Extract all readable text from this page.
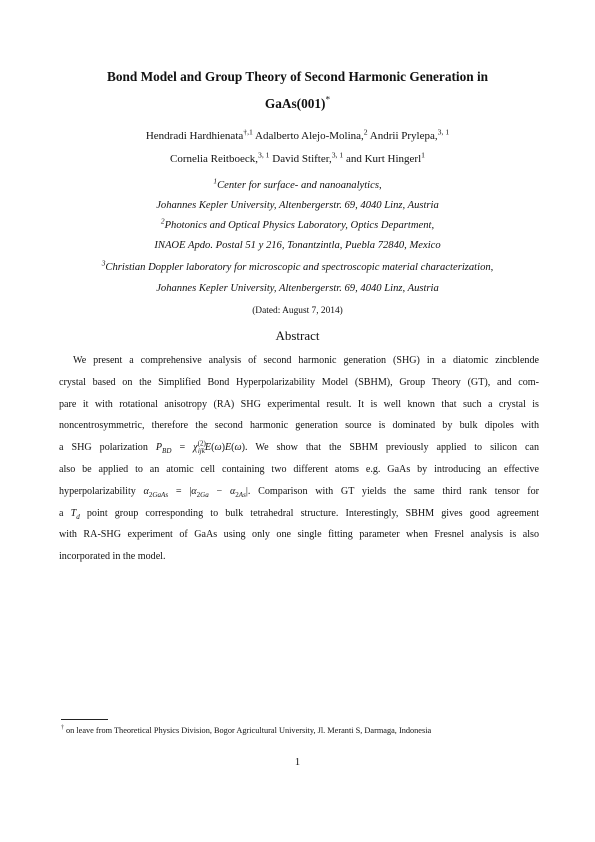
Bond Model and Group Theory of Second Harmonic Generation in
GaAs(001)*
Hendradi Hardhienata$^{\dagger,1}$ Adalberto Alejo-Molina,$^2$ Andrii Prylepa,$^{3, 1}$
Cornelia Reitboeck,$^{3, 1}$ David Stifter,$^{3, 1}$ and Kurt Hingerl$^1$
$^1$Center for surface- and nanoanalytics,
Johannes Kepler University, Altenbergerstr. 69, 4040 Linz, Austria
$^2$Photonics and Optical Physics Laboratory, Optics Department,
INAOE Apdo. Postal 51 y 216, Tonantzintla, Puebla 72840, Mexico
$^3$Christian Doppler laboratory for microscopic and spectroscopic material characterization,
Johannes Kepler University, Altenbergerstr. 69, 4040 Linz, Austria
(Dated: August 7, 2014)
Abstract
We present a comprehensive analysis of second harmonic generation (SHG) in a diatomic zincblende
crystal based on the Simplified Bond Hyperpolarizability Model (SBHM), Group Theory (GT), and com-
pare it with rotational anisotropy (RA) SHG experimental result. It is well known that such a crystal is
noncentrosymmetric, therefore the second harmonic generation source is dominated by bulk dipoles with
a SHG polarization $P_{BD} = \chi^{(2)}_{ijk}E(\omega)E(\omega)$. We show that the SBHM previously applied to silicon can
also be applied to an atomic cell containing two different atoms e.g. GaAs by introducing an effective
hyperpolarizability $\alpha_{2GaAs} = |\alpha_{2Ga} - \alpha_{2As}|$. Comparison with GT yields the same third rank tensor for
a $T_d$ point group corresponding to bulk tetrahedral structure. Interestingly, SBHM gives good agreement
with RA-SHG experiment of GaAs using only one single fitting parameter when Fresnel analysis is also
incorporated in the model.
† on leave from Theoretical Physics Division, Bogor Agricultural University, Jl. Meranti S, Darmaga, Indonesia
1
